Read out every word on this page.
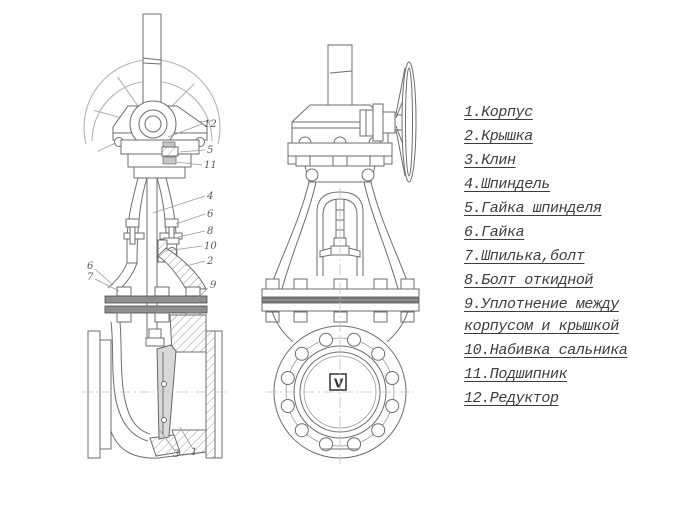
12
5
11
4
6
8
10
2
9
6
7
3 1
V
1.Корпус
2.Крышка
3.Клин
4.Шпиндель
5.Гайка шпинделя
6.Гайка
7.Шпилька,болт
8.Болт откидной
9.Уплотнение между корпусом и крышкой
10.Набивка сальника
11.Подшипник
12.Редуктор
